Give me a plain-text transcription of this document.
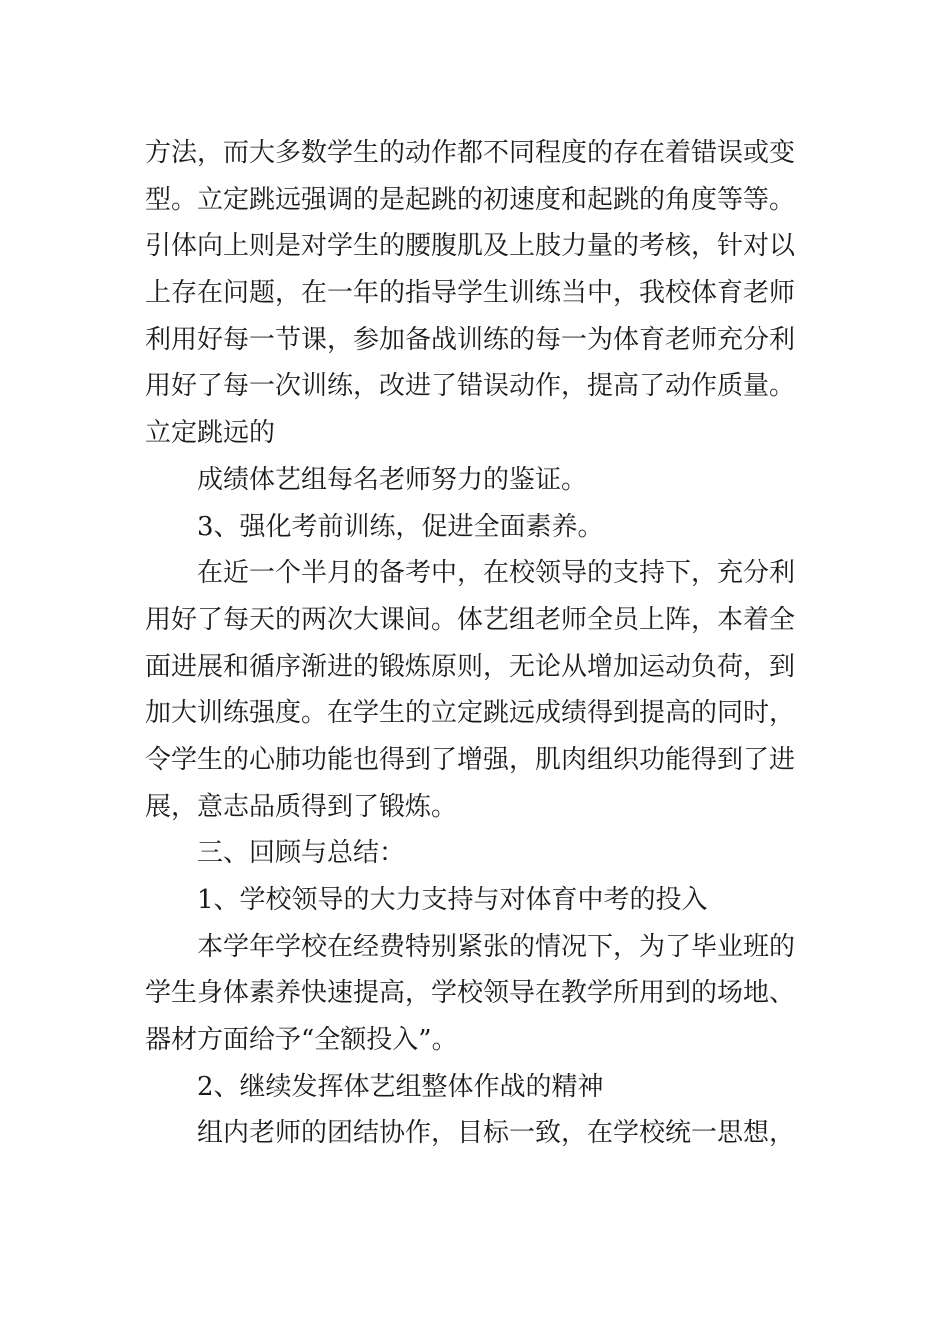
方法，而大多数学生的动作都不同程度的存在着错误或变
型。立定跳远强调的是起跳的初速度和起跳的角度等等。
引体向上则是对学生的腰腹肌及上肢力量的考核，针对以
上存在问题，在一年的指导学生训练当中，我校体育老师
利用好每一节课，参加备战训练的每一为体育老师充分利
用好了每一次训练，改进了错误动作，提高了动作质量。
立定跳远的
成绩体艺组每名老师努力的鉴证。
3、强化考前训练，促进全面素养。
在近一个半月的备考中，在校领导的支持下，充分利
用好了每天的两次大课间。体艺组老师全员上阵，本着全
面进展和循序渐进的锻炼原则，无论从增加运动负荷，到
加大训练强度。在学生的立定跳远成绩得到提高的同时，
令学生的心肺功能也得到了增强，肌肉组织功能得到了进
展，意志品质得到了锻炼。
三、回顾与总结：
1、学校领导的大力支持与对体育中考的投入
本学年学校在经费特别紧张的情况下，为了毕业班的
学生身体素养快速提高，学校领导在教学所用到的场地、
器材方面给予“全额投入”。
2、继续发挥体艺组整体作战的精神
组内老师的团结协作，目标一致，在学校统一思想，
